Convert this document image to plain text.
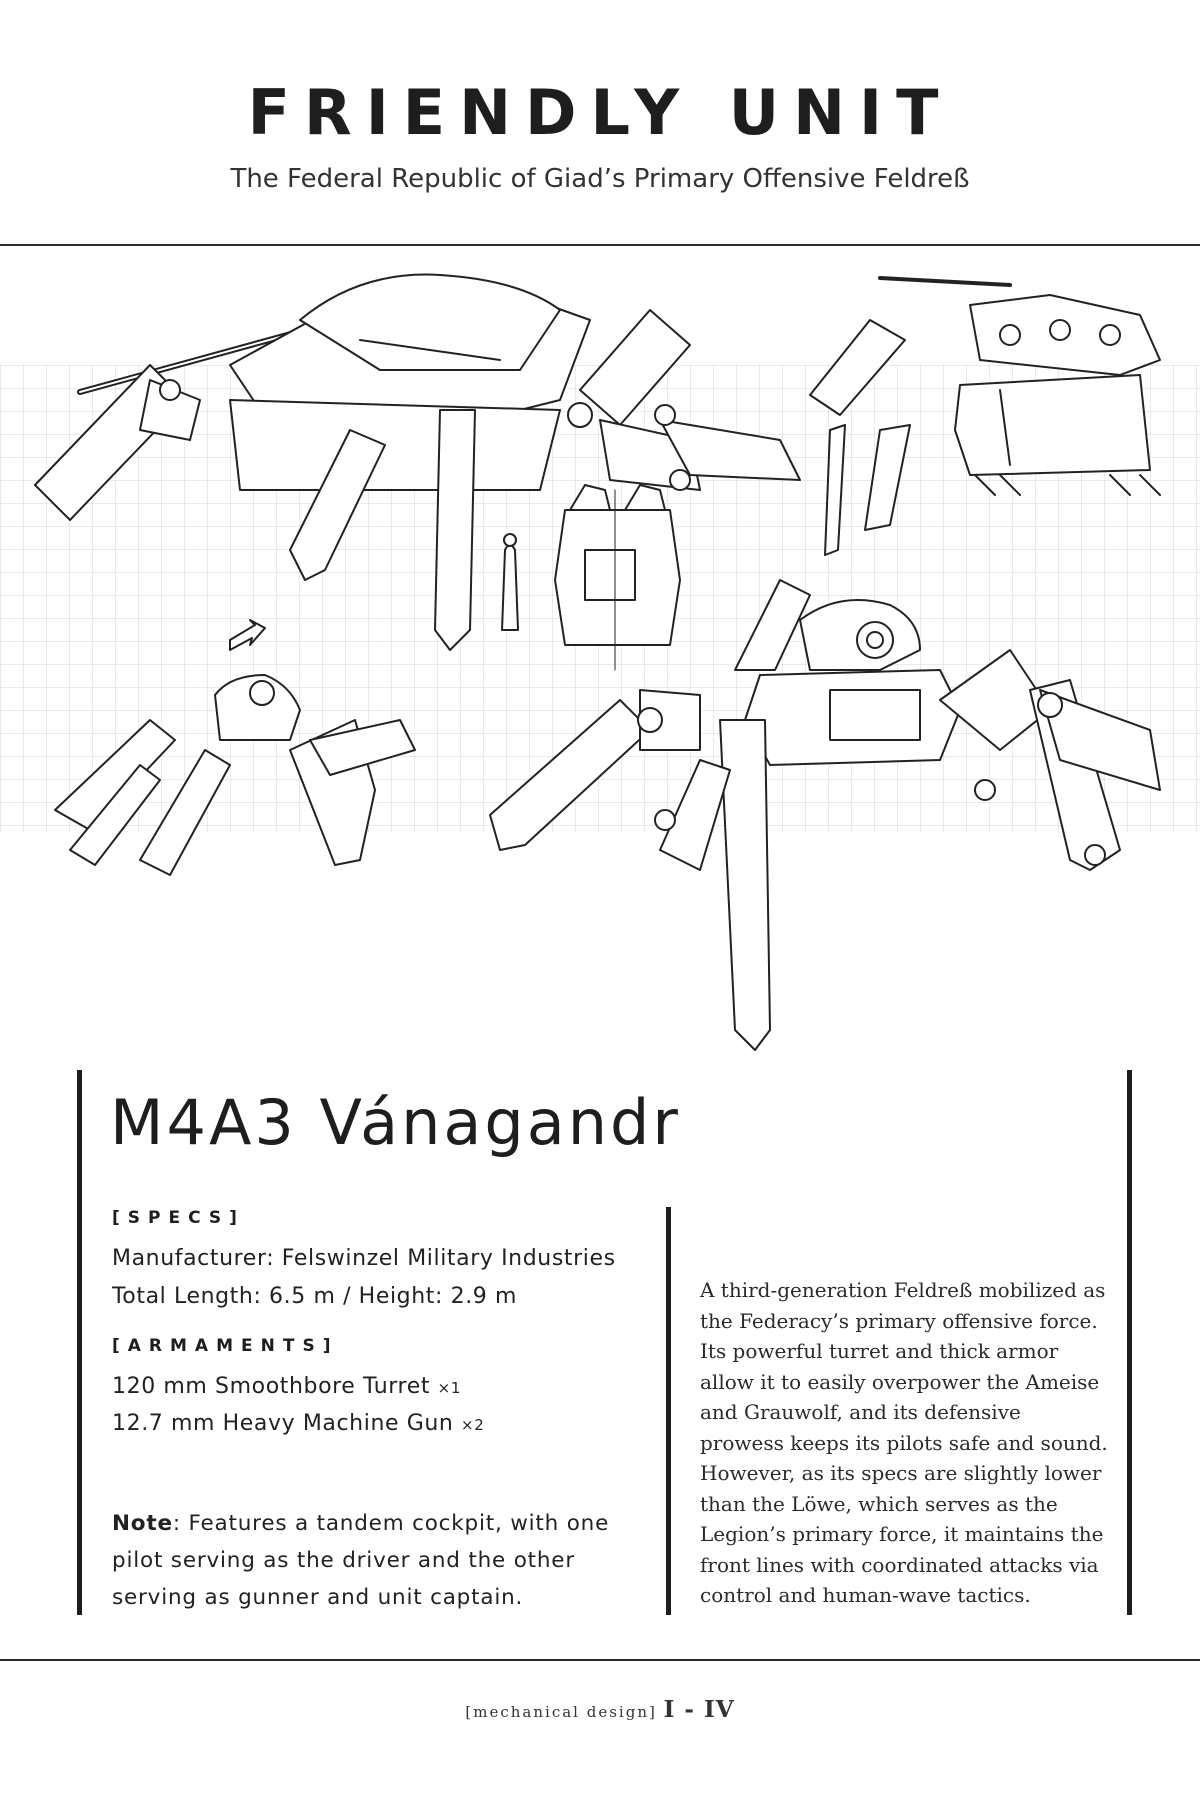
FRIENDLY UNIT

The Federal Republic of Giad’s Primary Offensive Feldreß

M4A3 Vánagandr
[SPECS]
Manufacturer: Felswinzel Military Industries
Total Length: 6.5 m / Height: 2.9 m
[ARMAMENTS]
120 mm Smoothbore Turret ×1
12.7 mm Heavy Machine Gun ×2

Note: Features a tandem cockpit, with one pilot serving as the driver and the other serving as gunner and unit captain.

A third-generation Feldreß mobilized as the Federacy’s primary offensive force. Its powerful turret and thick armor allow it to easily overpower the Ameise and Grauwolf, and its defensive prowess keeps its pilots safe and sound. However, as its specs are slightly lower than the Löwe, which serves as the Legion’s primary force, it maintains the front lines with coordinated attacks via control and human-wave tactics.

[mechanical design] I - IV
